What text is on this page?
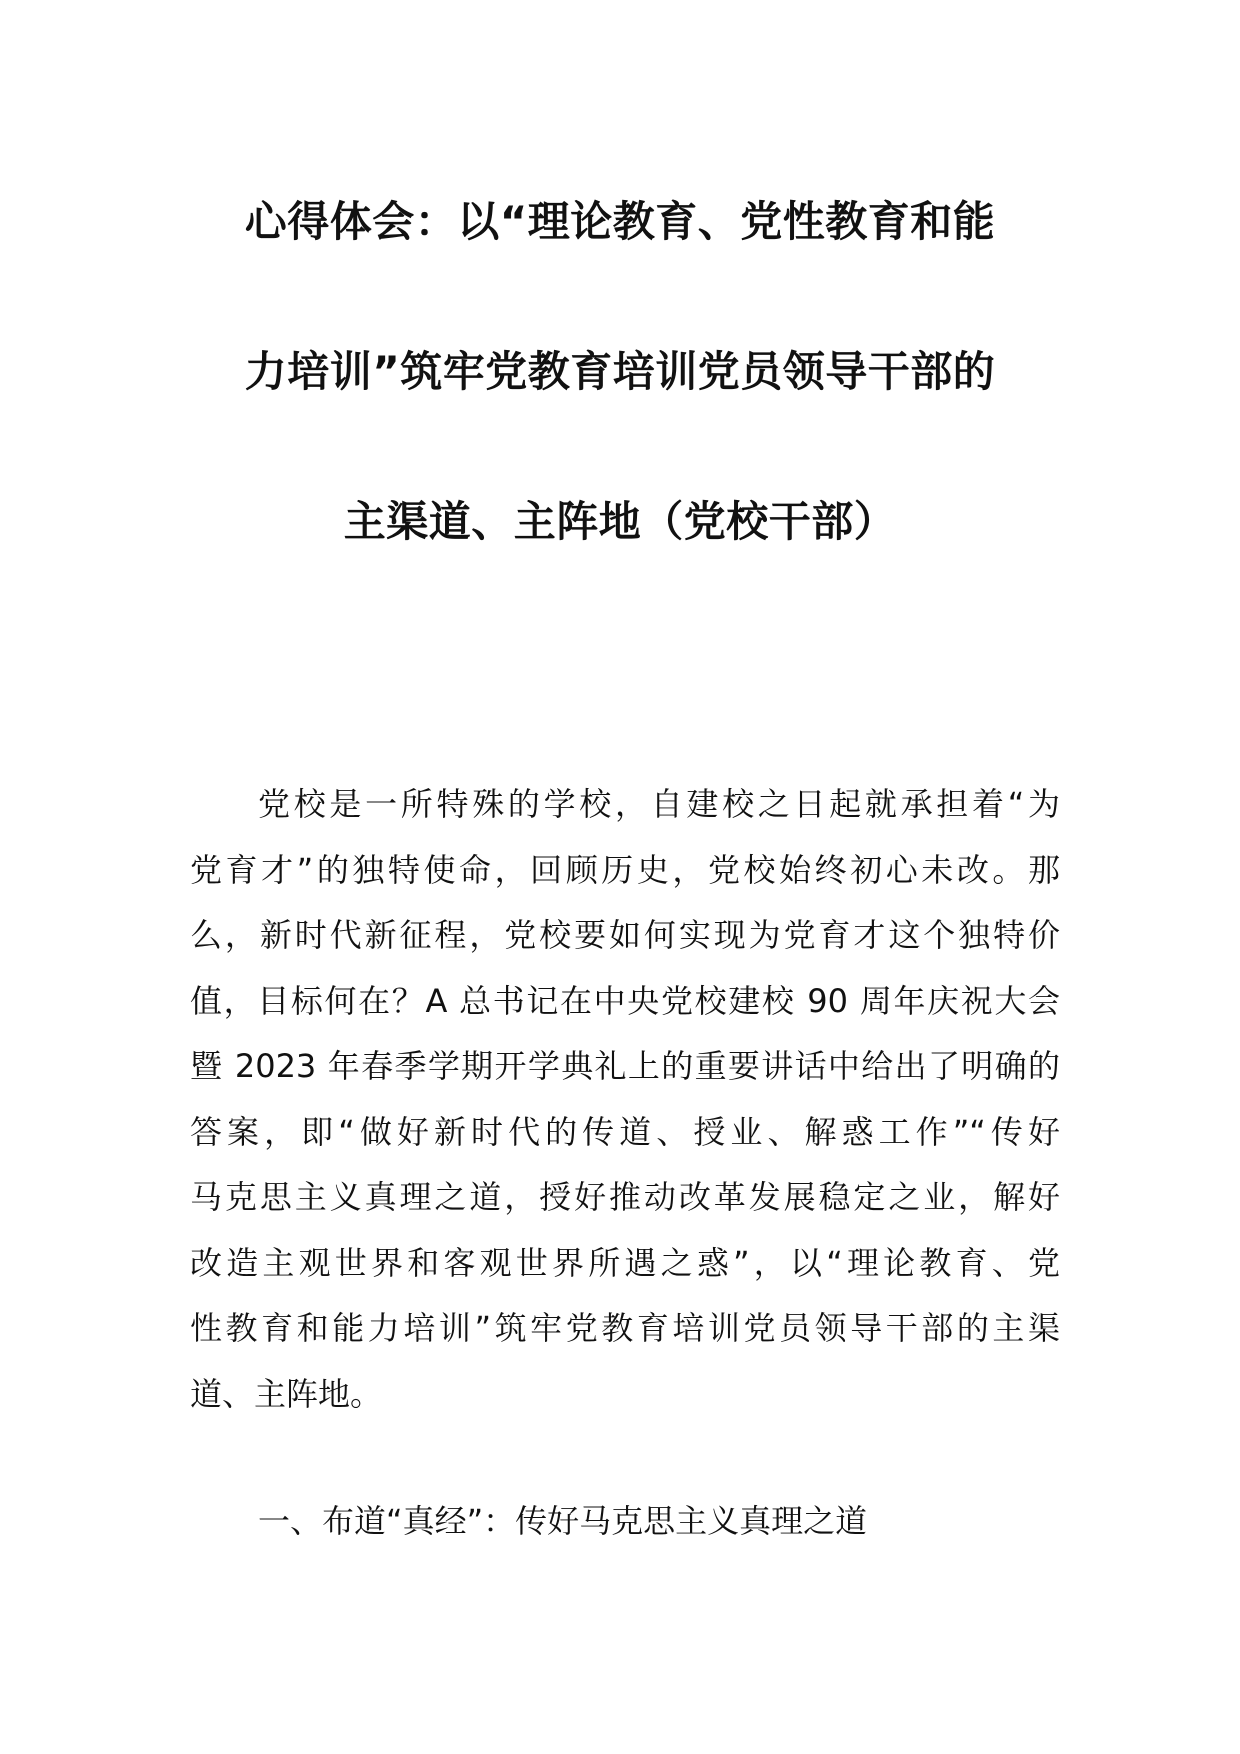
心得体会：以“理论教育、党性教育和能
力培训”筑牢党教育培训党员领导干部的
主渠道、主阵地（党校干部）
党校是一所特殊的学校，自建校之日起就承担着“为
党育才”的独特使命，回顾历史，党校始终初心未改。那
么，新时代新征程，党校要如何实现为党育才这个独特价
值，目标何在？A 总书记在中央党校建校 90 周年庆祝大会
暨 2023 年春季学期开学典礼上的重要讲话中给出了明确的
答案，即“做好新时代的传道、授业、解惑工作”“传好
马克思主义真理之道，授好推动改革发展稳定之业，解好
改造主观世界和客观世界所遇之惑”，以“理论教育、党
性教育和能力培训”筑牢党教育培训党员领导干部的主渠
道、主阵地。
一、布道“真经”：传好马克思主义真理之道
